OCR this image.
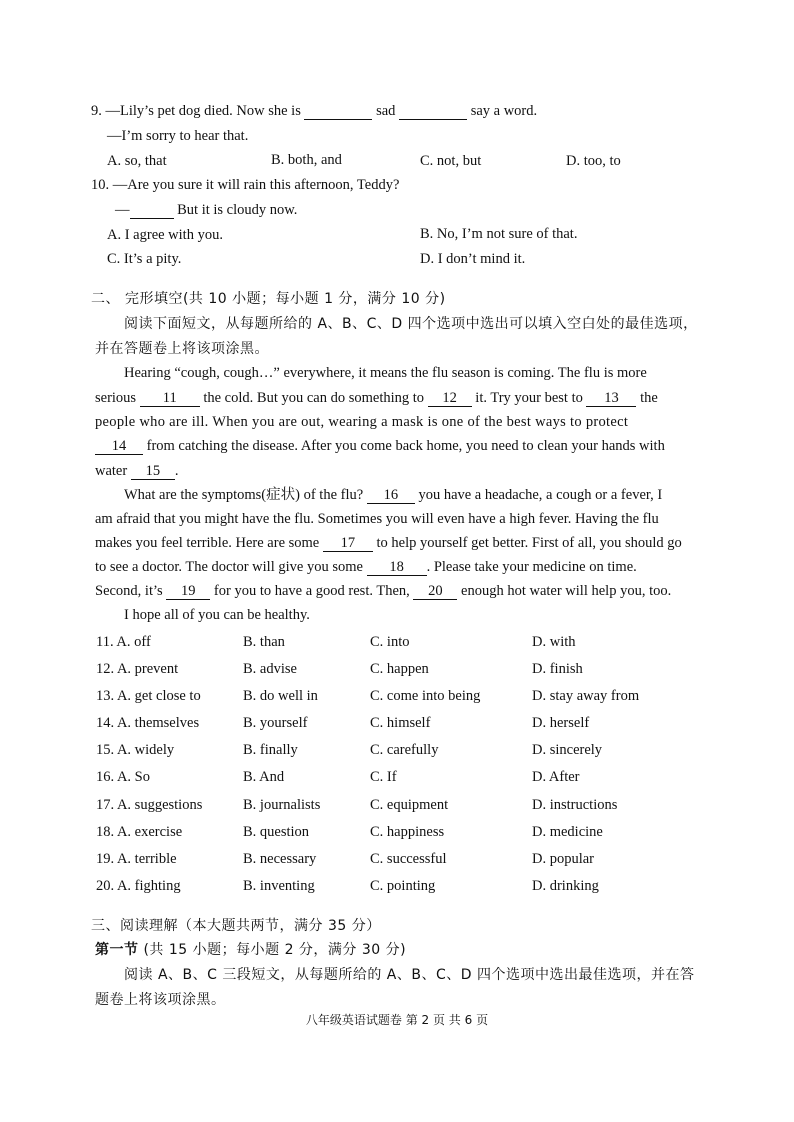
9. —Lily’s pet dog died. Now she is	sad	say a word.
—I’m sorry to hear that.
A. so, that	B. both, and	C. not, but	D. too, to
10. —Are you sure it will rain this afternoon, Teddy?
—	But it is cloudy now.
A. I agree with you.	B. No, I’m not sure of that.
C. It’s a pity.	D. I don’t mind it.
二、 完形填空(共 10 小题；每小题 1 分，满分 10 分)
阅读下面短文，从每题所给的 A、B、C、D 四个选项中选出可以填入空白处的最佳选项，
并在答题卷上将该项涂黑。
Hearing “cough, cough…” everywhere, it means the flu season is coming. The flu is more
serious 11 the cold. But you can do something to 12 it. Try your best to 13 the
people who are ill. When you are out, wearing a mask is one of the best ways to protect
14 from catching the disease. After you come back home, you need to clean your hands with
water 15 .
What are the symptoms(症状) of the flu? 16 you have a headache, a cough or a fever, I
am afraid that you might have the flu. Sometimes you will even have a high fever. Having the flu
makes you feel terrible. Here are some 17 to help yourself get better. First of all, you should go
to see a doctor. The doctor will give you some 18 . Please take your medicine on time.
Second, it’s 19 for you to have a good rest. Then, 20 enough hot water will help you, too.
I hope all of you can be healthy.
11. A. off	B. than	C. into	D. with
12. A. prevent	B. advise	C. happen	D. finish
13. A. get close to	B. do well in	C. come into being	D. stay away from
14. A. themselves	B. yourself	C. himself	D. herself
15. A. widely	B. finally	C. carefully	D. sincerely
16. A. So	B. And	C. If	D. After
17. A. suggestions	B. journalists	C. equipment	D. instructions
18. A. exercise	B. question	C. happiness	D. medicine
19. A. terrible	B. necessary	C. successful	D. popular
20. A. fighting	B. inventing	C. pointing	D. drinking
三、阅读理解（本大题共两节，满分 35 分）
第一节 (共 15 小题；每小题 2 分，满分 30 分)
阅读 A、B、C 三段短文，从每题所给的 A、B、C、D 四个选项中选出最佳选项，并在答
题卷上将该项涂黑。
八年级英语试题卷 第 2 页 共 6 页
